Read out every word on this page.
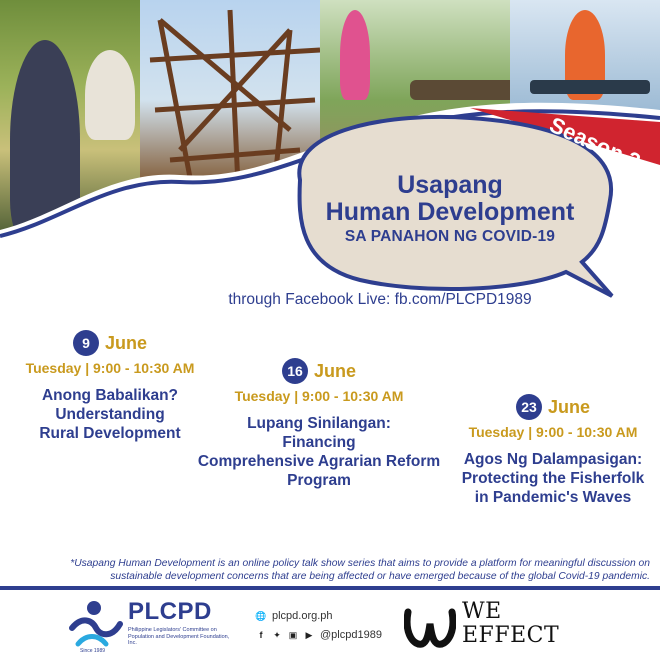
Season 3
Usapang
Human Development
SA PANAHON NG COVID-19
through Facebook Live: fb.com/PLCPD1989
9 June
Tuesday | 9:00 - 10:30 AM
Anong Babalikan?
Understanding
Rural Development
16 June
Tuesday | 9:00 - 10:30 AM
Lupang Sinilangan:
Financing
Comprehensive Agrarian Reform
Program
23 June
Tuesday | 9:00 - 10:30 AM
Agos Ng Dalampasigan:
Protecting the Fisherfolk
in Pandemic's Waves
*Usapang Human Development is an online policy talk show series that aims to provide a platform for meaningful discussion on
sustainable development concerns that are being affected or have emerged because of the global Covid-19 pandemic.
PLCPD
Philippine Legislators' Committee on Population and Development Foundation, Inc.
Since 1989
🌐 plcpd.org.ph
f	✦ ▣ ▶ @plcpd1989
WE
EFFECT
